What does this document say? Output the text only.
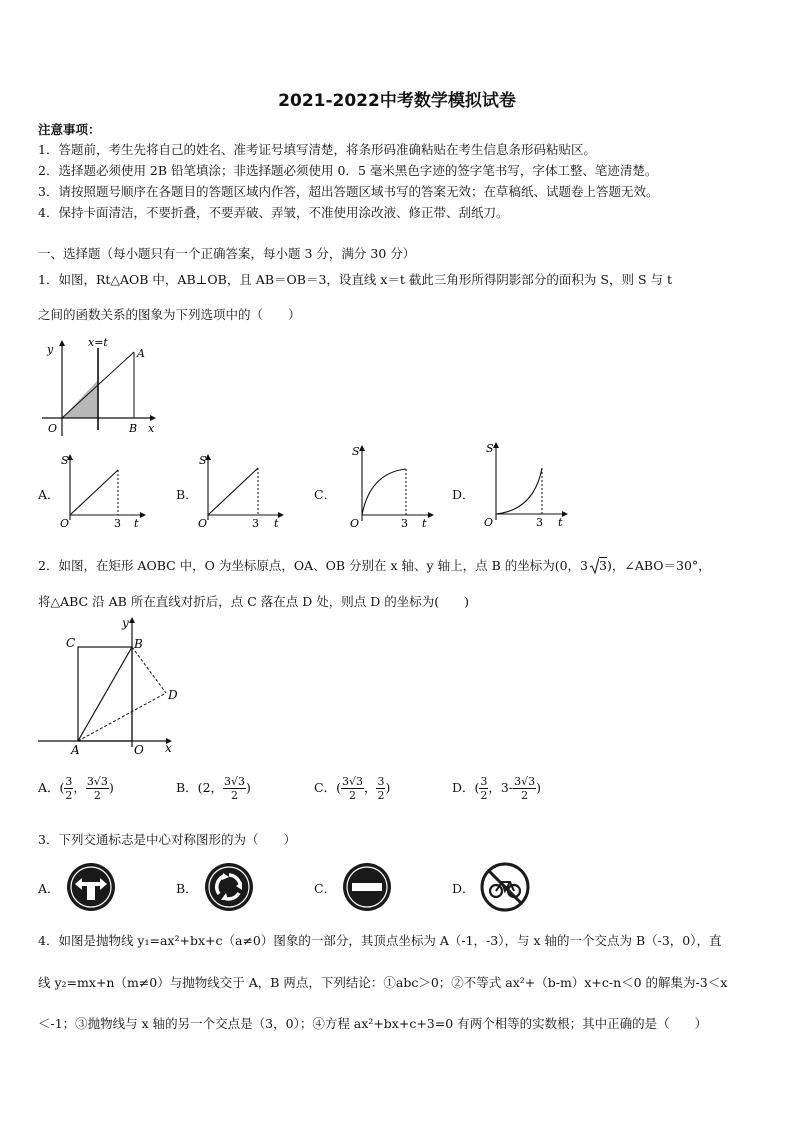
2021-2022中考数学模拟试卷
注意事项：
1．答题前，考生先将自己的姓名、准考证号填写清楚，将条形码准确粘贴在考生信息条形码粘贴区。
2．选择题必须使用 2B 铅笔填涂；非选择题必须使用 0．5 毫米黑色字迹的签字笔书写，字体工整、笔迹清楚。
3．请按照题号顺序在各题目的答题区域内作答，超出答题区域书写的答案无效；在草稿纸、试题卷上答题无效。
4．保持卡面清洁，不要折叠，不要弄破、弄皱，不准使用涂改液、修正带、刮纸刀。
一、选择题（每小题只有一个正确答案，每小题 3 分，满分 30 分）
1．如图，Rt△AOB 中，AB⊥OB，且 AB＝OB＝3，设直线 x＝t 截此三角形所得阴影部分的面积为 S，则 S 与 t
之间的函数关系的图象为下列选项中的（　　）
y
x=t
A
O	B x
A．
S
O	3 t
B．
S
O	3 t
C．
S
O	3 t
D．
S
O	3 t
2．如图，在矩形 AOBC 中，O 为坐标原点，OA、OB 分别在 x 轴、y 轴上，点 B 的坐标为(0，3 3)，∠ABO＝30°，
将△ABC 沿 AB 所在直线对折后，点 C 落在点 D 处，则点 D 的坐标为(　　)
C	B
y
D
A	O x
A．( $\frac{3}{2}$ ， $\frac{3√3}{2}$ )	B．(2， $\frac{3√3}{2}$ )	C．( $\frac{3√3}{2}$ ， $\frac{3}{2}$ )	D．( $\frac{3}{2}$ ，$3- \frac{3√3}{2}$ )
3．下列交通标志是中心对称图形的为（　　）
A．	B．	C．	D．
4．如图是抛物线 y₁=ax²+bx+c（a≠0）图象的一部分，其顶点坐标为 A（-1，-3），与 x 轴的一个交点为 B（-3，0），直
线 y₂=mx+n（m≠0）与抛物线交于 A，B 两点，下列结论：①abc＞0；②不等式 ax²+（b-m）x+c-n＜0 的解集为-3＜x
＜-1；③抛物线与 x 轴的另一个交点是（3，0）；④方程 ax²+bx+c+3=0 有两个相等的实数根；其中正确的是（　　）
